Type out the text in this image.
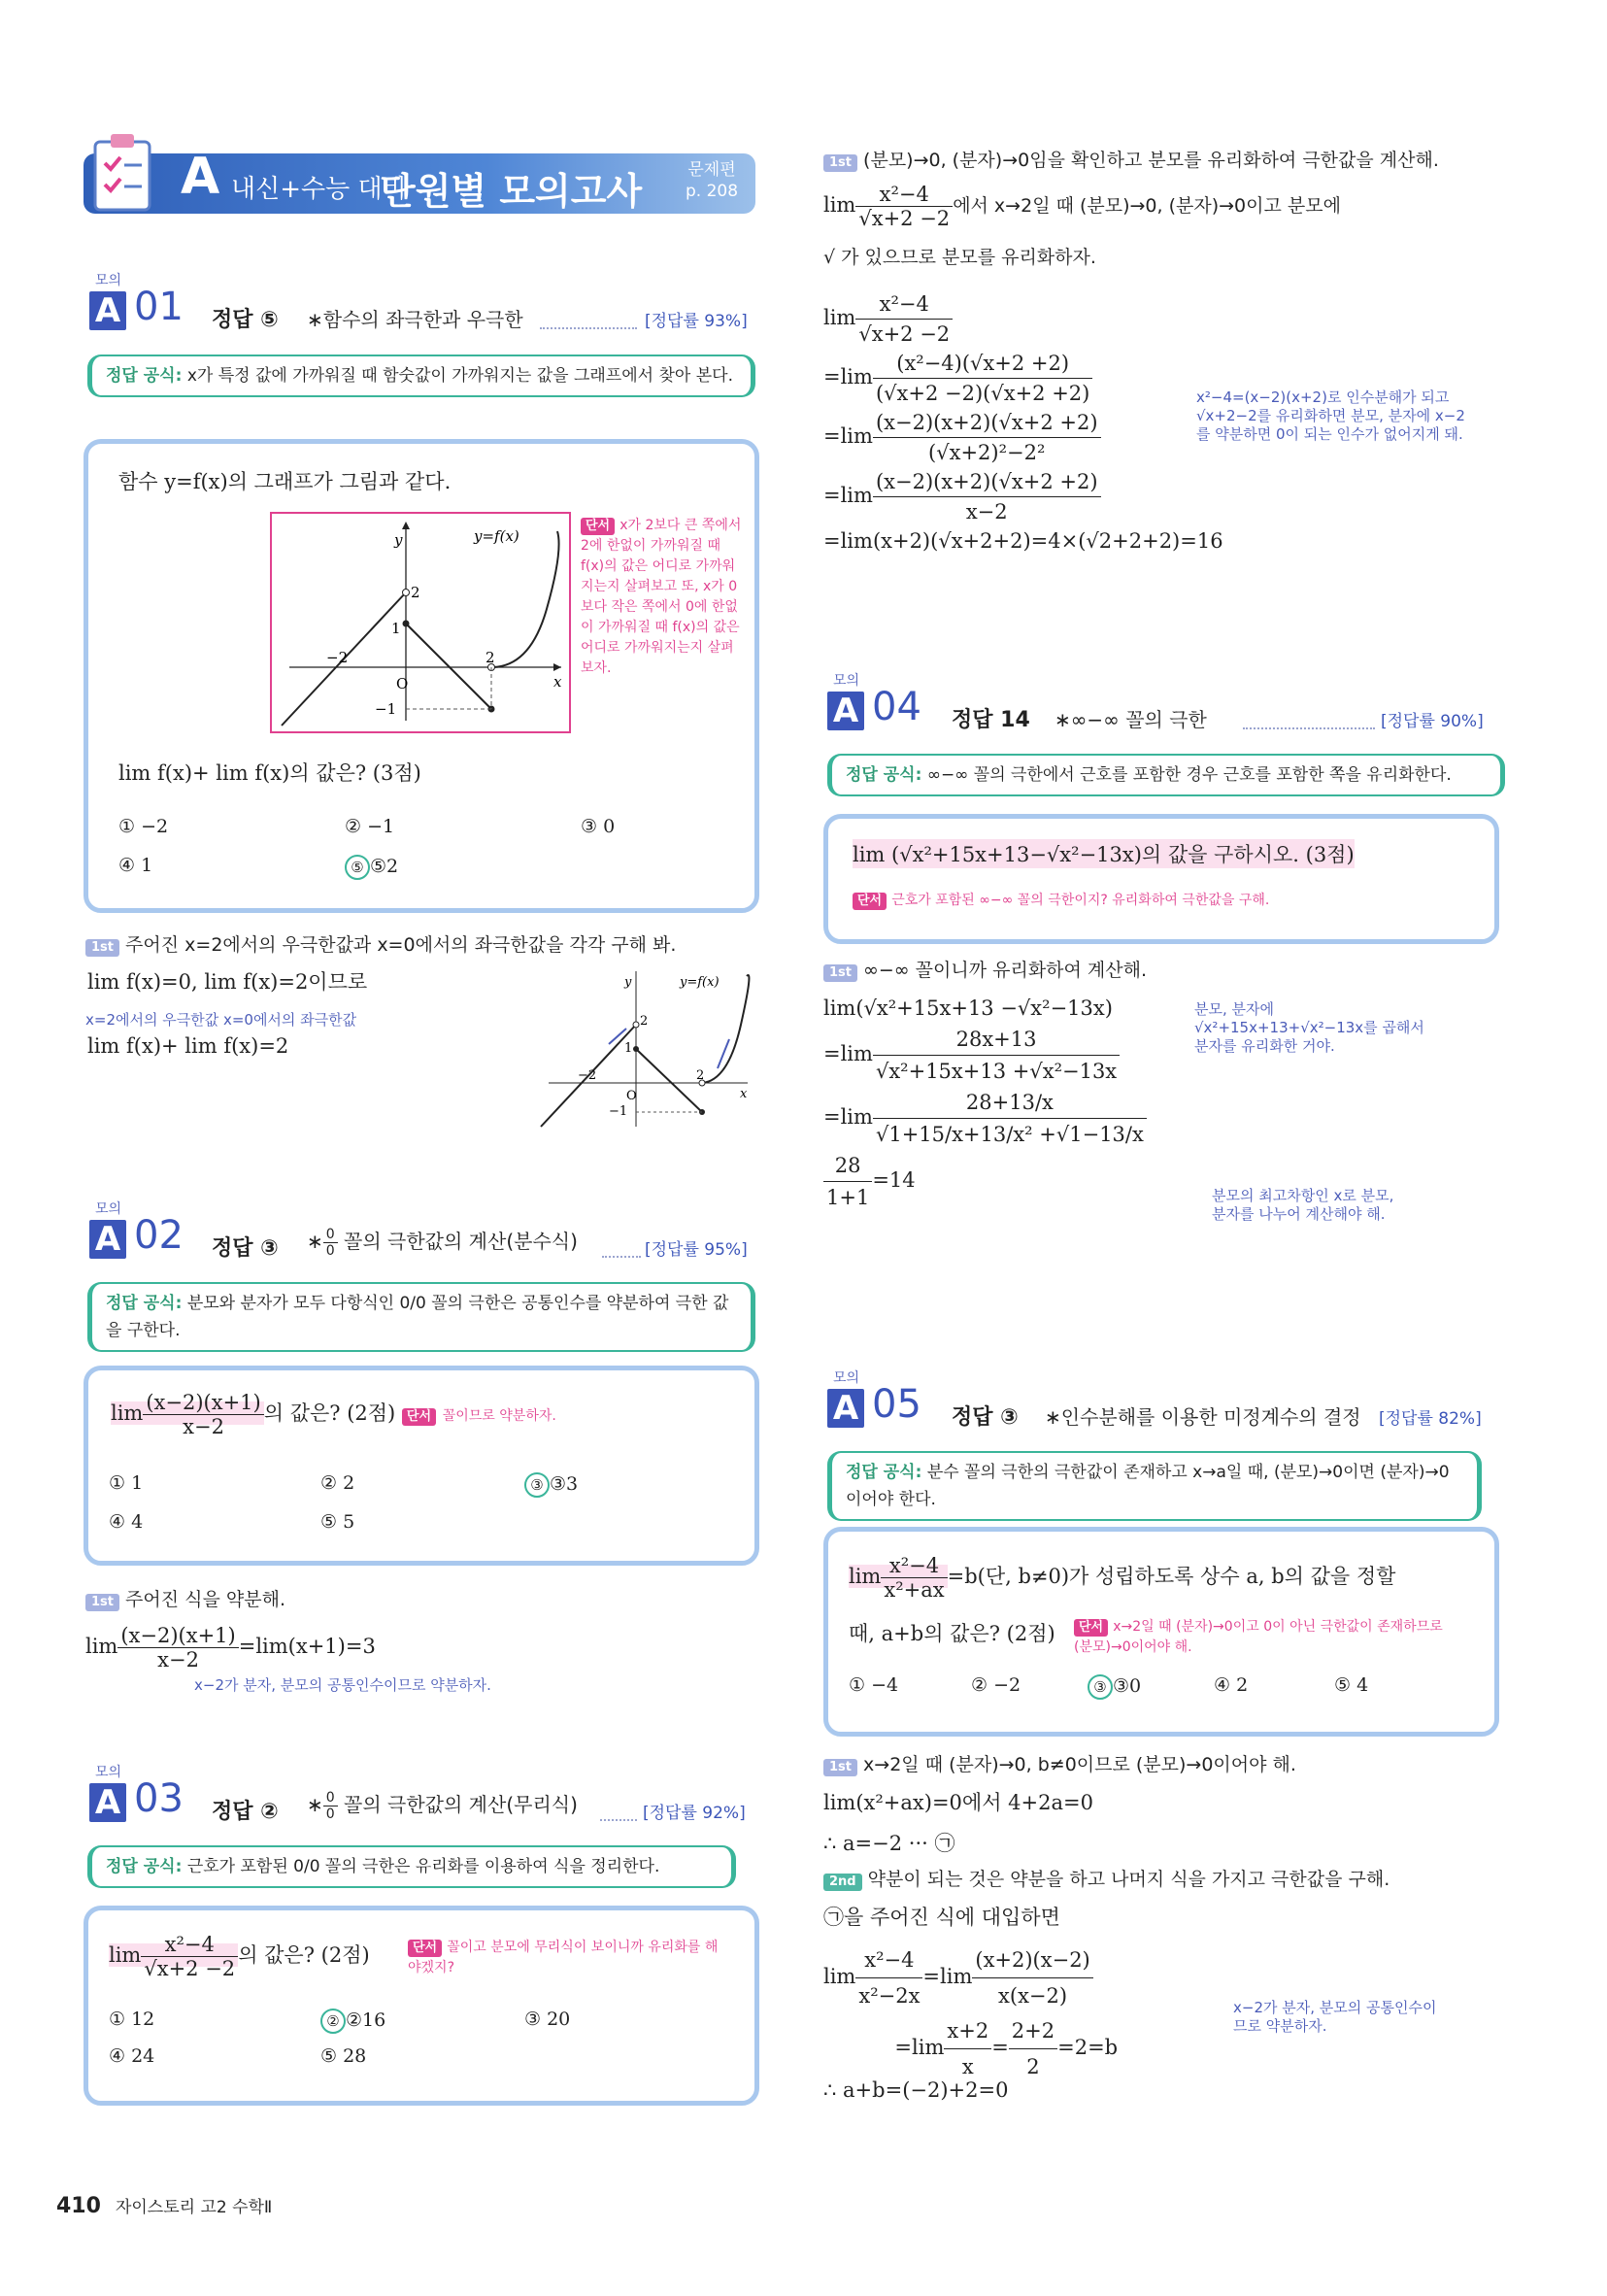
A 내신+수능 대비
단원별 모의고사	문제편
p. 208
모의
A 01 정답 ⑤ ∗함수의 좌극한과 우극한	[정답률 93%]
정답 공식: x가 특정 값에 가까워질 때 함숫값이 가까워지는 값을 그래프에서 찾아 본다.
함수 y=f(x)의 그래프가 그림과 같다.
y
x
2
1
−2
O
2
−1
y=f(x)
단서 x가 2보다 큰 쪽에서 2에 한없이 가까워질 때 f(x)의 값은 어디로 가까워지는지 살펴보고 또, x가 0보다 작은 쪽에서 0에 한없이 가까워질 때 f(x)의 값은 어디로 가까워지는지 살펴보자.
lim f(x)+ lim f(x)의 값은? (3점)
① −2	② −1	③ 0
④ 1	⑤ ⑤2
1st 주어진 x=2에서의 우극한값과 x=0에서의 좌극한값을 각각 구해 봐.
lim f(x)=0, lim f(x)=2이므로
x=2에서의 우극한값 x=0에서의 좌극한값
lim f(x)+ lim f(x)=2
y	y=f(x)
x
2
1
−2
O
2
−1
모의
A 02 정답 ③ ∗ $\frac{0}{0}$ 꼴의 극한값의 계산(분수식)	[정답률 95%]
정답 공식: 분모와 분자가 모두 다항식인 0/0 꼴의 극한은 공통인수를 약분하여 극한 값을 구한다.
$\lim \frac{(x-2)(x+1)}{x-2}$ 의 값은? (2점) 단서 꼴이므로 약분하자.
① 1	② 2	③ ③3
④ 4	⑤ 5
1st 주어진 식을 약분해.
$\lim \frac{(x-2)(x+1)}{x-2} =\lim(x+1)=3$
x−2가 분자, 분모의 공통인수이므로 약분하자.
모의
A 03 정답 ② ∗ $\frac{0}{0}$ 꼴의 극한값의 계산(무리식)	[정답률 92%]
정답 공식: 근호가 포함된 0/0 꼴의 극한은 유리화를 이용하여 식을 정리한다.
$\lim \frac{\text{x²−4}}{√x+2 -2}$ 의 값은? (2점)	단서 꼴이고 분모에 무리식이 보이니까 유리화를 해야겠지?
① 12	② ②16	③ 20
④ 24	⑤ 28
1st (분모)→0, (분자)→0임을 확인하고 분모를 유리화하여 극한값을 계산해.
$\lim \frac{\text{x²−4}}{√x+2 -2}$ 에서 x→2일 때 (분모)→0, (분자)→0이고 분모에
√ 가 있으므로 분모를 유리화하자.
$\lim \frac{\text{x²−4}}{√x+2 -2}$

$=\lim \frac{\text{(x²−4)(√x+2 +2)}}{(√x+2 -2)(√x+2 +2)}$

$=\lim \frac{(x-2)(x+2)(√x+2 +2)}{\text{(√x+2)²−2²}}$

$=\lim \frac{(x-2)(x+2)(√x+2 +2)}{x-2}$

=lim(x+2)(√x+2+2)=4×(√2+2+2)=16
x²−4=(x−2)(x+2)로 인수분해가 되고 √x+2−2를 유리화하면 분모, 분자에 x−2를 약분하면 0이 되는 인수가 없어지게 돼.
모의
A 04 정답 14 ∗∞−∞ 꼴의 극한	[정답률 90%]
정답 공식: ∞−∞ 꼴의 극한에서 근호를 포함한 경우 근호를 포함한 쪽을 유리화한다.
lim (√x²+15x+13−√x²−13x)의 값을 구하시오. (3점)
단서 근호가 포함된 ∞−∞ 꼴의 극한이지? 유리화하여 극한값을 구해.
1st ∞−∞ 꼴이니까 유리화하여 계산해.
lim(√x²+15x+13 −√x²−13x)
$=\lim \frac{28x+13}{\text{√x²+15x+13 +√x²−13x}}$

$=\lim \frac{28+13/x}{\text{√1+15/x+13/x² +√1−13/x}}$

$\frac{28}{1+1} =14$
분모, 분자에 √x²+15x+13+√x²−13x를 곱해서 분자를 유리화한 거야.
분모의 최고차항인 x로 분모, 분자를 나누어 계산해야 해.
모의
A 05 정답 ③ ∗인수분해를 이용한 미정계수의 결정 [정답률 82%]
정답 공식: 분수 꼴의 극한의 극한값이 존재하고 x→a일 때, (분모)→0이면 (분자)→0이어야 한다.
$\lim \frac{\text{x²−4}}{\text{x²+ax}} =b$(단, b≠0)가 성립하도록 상수 a, b의 값을 정할
때, a+b의 값은? (2점)	단서 x→2일 때 (분자)→0이고 0이 아닌 극한값이 존재하므로 (분모)→0이어야 해.
① −4	② −2	③ ③0	④ 2	⑤ 4
1st x→2일 때 (분자)→0, b≠0이므로 (분모)→0이어야 해.
lim(x²+ax)=0에서 4+2a=0
∴ a=−2 ··· ㉠
2nd 약분이 되는 것은 약분을 하고 나머지 식을 가지고 극한값을 구해.
㉠을 주어진 식에 대입하면
$\lim \frac{\text{x²−4}}{\text{x²−2x}} =\lim \frac{(x+2)(x-2)}{x(x-2)}$

$=\lim \frac{x+2}{x} = \frac{2+2}{2} =2=b$
x−2가 분자, 분모의 공통인수이므로 약분하자.
∴ a+b=(−2)+2=0
410 자이스토리 고2 수학Ⅱ
